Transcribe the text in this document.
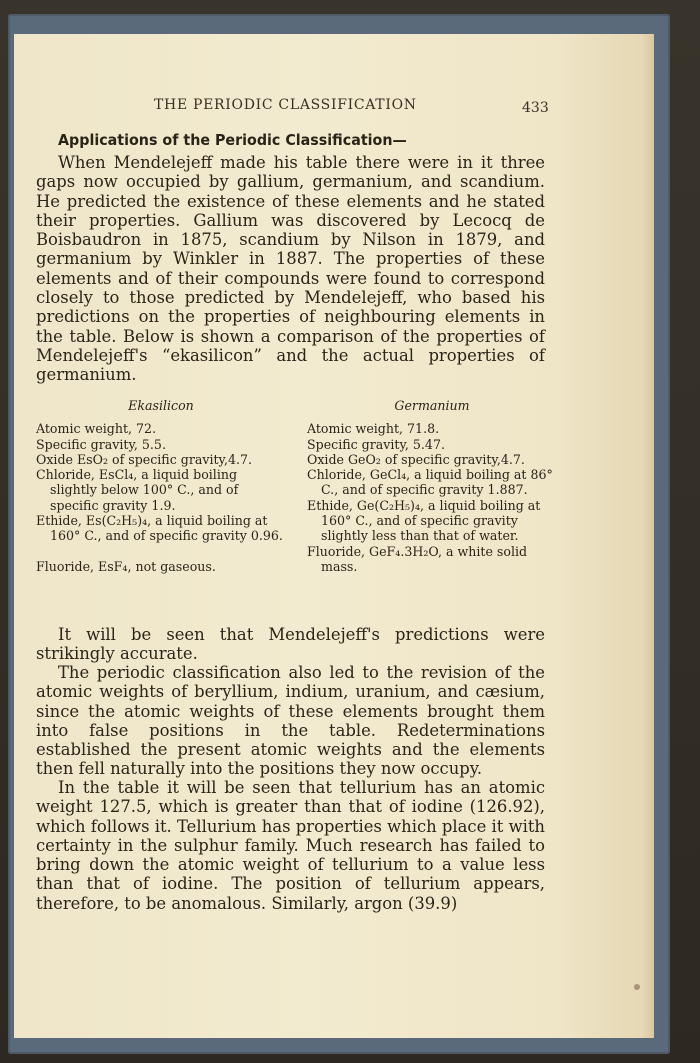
THE PERIODIC CLASSIFICATION	433
Applications of the Periodic Classification—
When Mendelejeff made his table there were in it three gaps now occupied by gallium, germanium, and scandium. He predicted the existence of these elements and he stated their properties. Gallium was discovered by Lecocq de Boisbaudron in 1875, scandium by Nilson in 1879, and germanium by Winkler in 1887. The properties of these elements and of their compounds were found to correspond closely to those predicted by Mendelejeff, who based his predictions on the properties of neighbouring elements in the table. Below is shown a comparison of the properties of Mendelejeff's “ekasilicon” and the actual properties of germanium.
Ekasilicon
Atomic weight, 72.
Specific gravity, 5.5.
Oxide EsO₂ of specific gravity,4.7.
Chloride, EsCl₄, a liquid boiling slightly below 100° C., and of specific gravity 1.9.
Ethide, Es(C₂H₅)₄, a liquid boiling at 160° C., and of specific gravity 0.96.
Fluoride, EsF₄, not gaseous.
Germanium
Atomic weight, 71.8.
Specific gravity, 5.47.
Oxide GeO₂ of specific gravity,4.7.
Chloride, GeCl₄, a liquid boiling at 86° C., and of specific gravity 1.887.
Ethide, Ge(C₂H₅)₄, a liquid boiling at 160° C., and of specific gravity slightly less than that of water.
Fluoride, GeF₄.3H₂O, a white solid mass.
It will be seen that Mendelejeff's predictions were strikingly accurate.
The periodic classification also led to the revision of the atomic weights of beryllium, indium, uranium, and cæsium, since the atomic weights of these elements brought them into false positions in the table. Redeterminations established the present atomic weights and the elements then fell naturally into the positions they now occupy.
In the table it will be seen that tellurium has an atomic weight 127.5, which is greater than that of iodine (126.92), which follows it. Tellurium has properties which place it with certainty in the sulphur family. Much research has failed to bring down the atomic weight of tellurium to a value less than that of iodine. The position of tellurium appears, therefore, to be anomalous. Similarly, argon (39.9)
